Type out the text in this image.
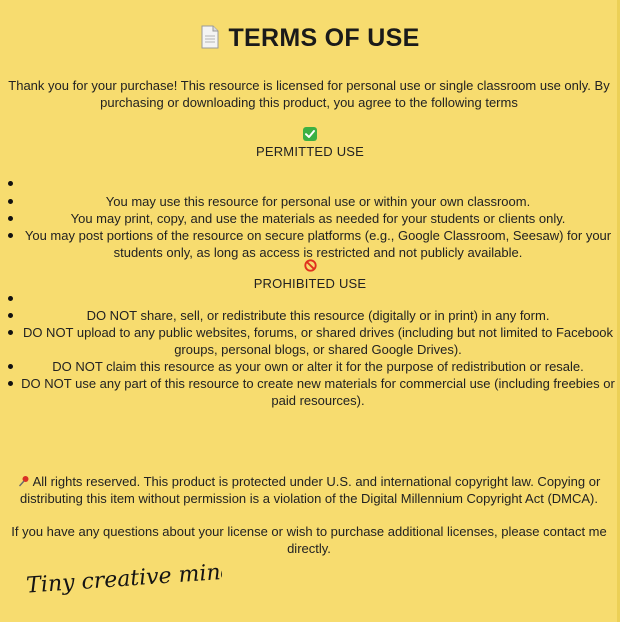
TERMS OF USE
Thank you for your purchase! This resource is licensed for personal use or single classroom use only. By purchasing or downloading this product, you agree to the following terms
PERMITTED USE
You may use this resource for personal use or within your own classroom.
You may print, copy, and use the materials as needed for your students or clients only.
You may post portions of the resource on secure platforms (e.g., Google Classroom, Seesaw) for your students only, as long as access is restricted and not publicly available.
PROHIBITED USE
DO NOT share, sell, or redistribute this resource (digitally or in print) in any form.
DO NOT upload to any public websites, forums, or shared drives (including but not limited to Facebook groups, personal blogs, or shared Google Drives).
DO NOT claim this resource as your own or alter it for the purpose of redistribution or resale.
DO NOT use any part of this resource to create new materials for commercial use (including freebies or paid resources).
All rights reserved. This product is protected under U.S. and international copyright law. Copying or distributing this item without permission is a violation of the Digital Millennium Copyright Act (DMCA).
If you have any questions about your license or wish to purchase additional licenses, please contact me directly.
Tiny creative mind
